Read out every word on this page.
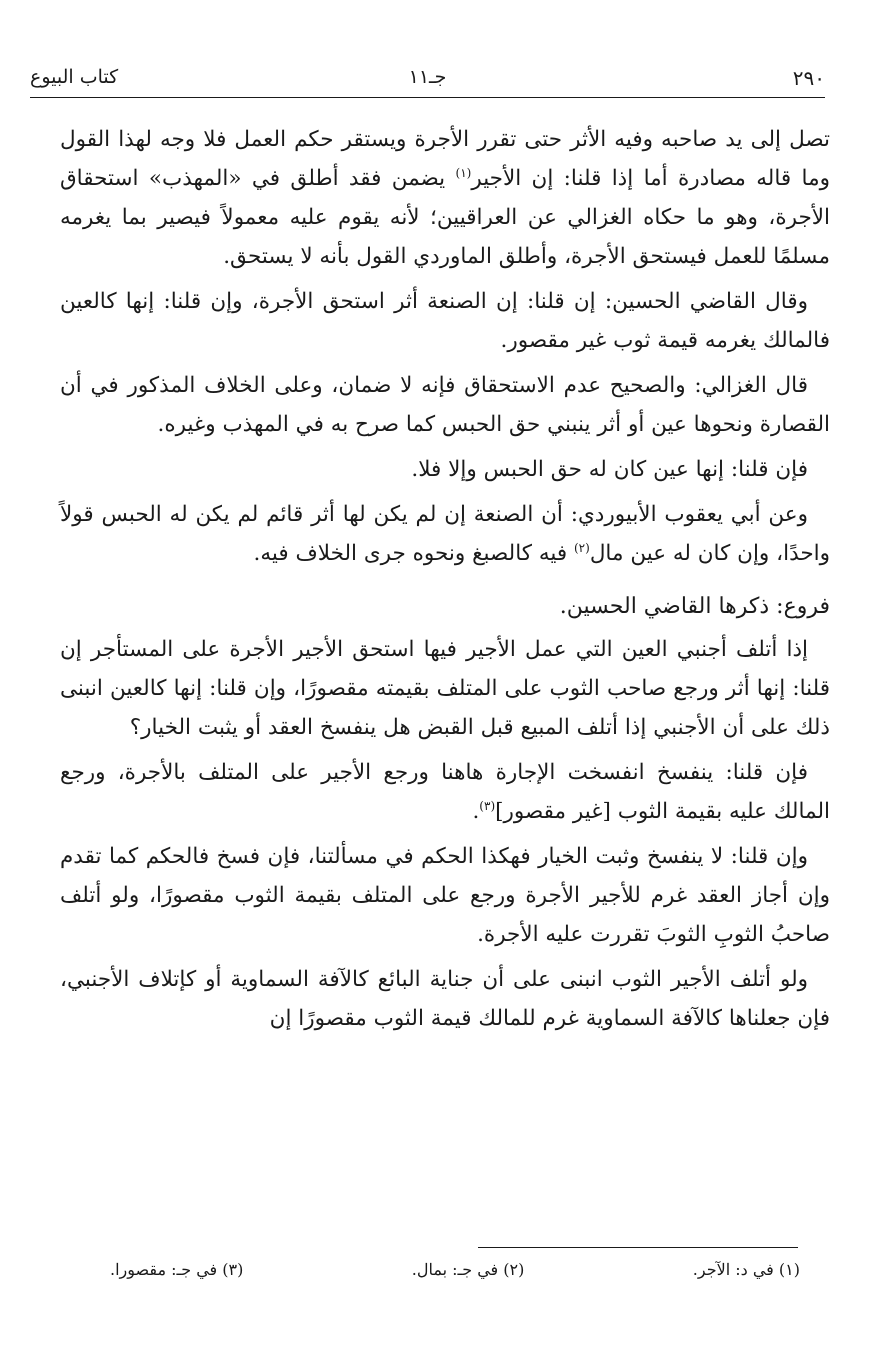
٢٩٠
جـ١١
كتاب البيوع

تصل إلى يد صاحبه وفيه الأثر حتى تقرر الأجرة ويستقر حكم العمل فلا وجه لهذا القول وما قاله مصادرة أما إذا قلنا: إن الأجير$^{(١)}$ يضمن فقد أطلق في «المهذب» استحقاق الأجرة، وهو ما حكاه الغزالي عن العراقيين؛ لأنه يقوم عليه معمولاً فيصير بما يغرمه مسلمًا للعمل فيستحق الأجرة، وأطلق الماوردي القول بأنه لا يستحق.

وقال القاضي الحسين: إن قلنا: إن الصنعة أثر استحق الأجرة، وإن قلنا: إنها كالعين فالمالك يغرمه قيمة ثوب غير مقصور.

قال الغزالي: والصحيح عدم الاستحقاق فإنه لا ضمان، وعلى الخلاف المذكور في أن القصارة ونحوها عين أو أثر ينبني حق الحبس كما صرح به في المهذب وغيره.

فإن قلنا: إنها عين كان له حق الحبس وإلا فلا.

وعن أبي يعقوب الأبيوردي: أن الصنعة إن لم يكن لها أثر قائم لم يكن له الحبس قولاً واحدًا، وإن كان له عين مال$^{(٢)}$ فيه كالصبغ ونحوه جرى الخلاف فيه.

فروع: ذكرها القاضي الحسين.

إذا أتلف أجنبي العين التي عمل الأجير فيها استحق الأجير الأجرة على المستأجر إن قلنا: إنها أثر ورجع صاحب الثوب على المتلف بقيمته مقصورًا، وإن قلنا: إنها كالعين انبنى ذلك على أن الأجنبي إذا أتلف المبيع قبل القبض هل ينفسخ العقد أو يثبت الخيار؟

فإن قلنا: ينفسخ انفسخت الإجارة هاهنا ورجع الأجير على المتلف بالأجرة، ورجع المالك عليه بقيمة الثوب [غير مقصور]$^{(٣)}$.

وإن قلنا: لا ينفسخ وثبت الخيار فهكذا الحكم في مسألتنا، فإن فسخ فالحكم كما تقدم وإن أجاز العقد غرم للأجير الأجرة ورجع على المتلف بقيمة الثوب مقصورًا، ولو أتلف صاحبُ الثوبِ الثوبَ تقررت عليه الأجرة.

ولو أتلف الأجير الثوب انبنى على أن جناية البائع كالآفة السماوية أو كإتلاف الأجنبي، فإن جعلناها كالآفة السماوية غرم للمالك قيمة الثوب مقصورًا إن

(١) في د: الآجر.
(٢) في جـ: بمال.
(٣) في جـ: مقصورا.
